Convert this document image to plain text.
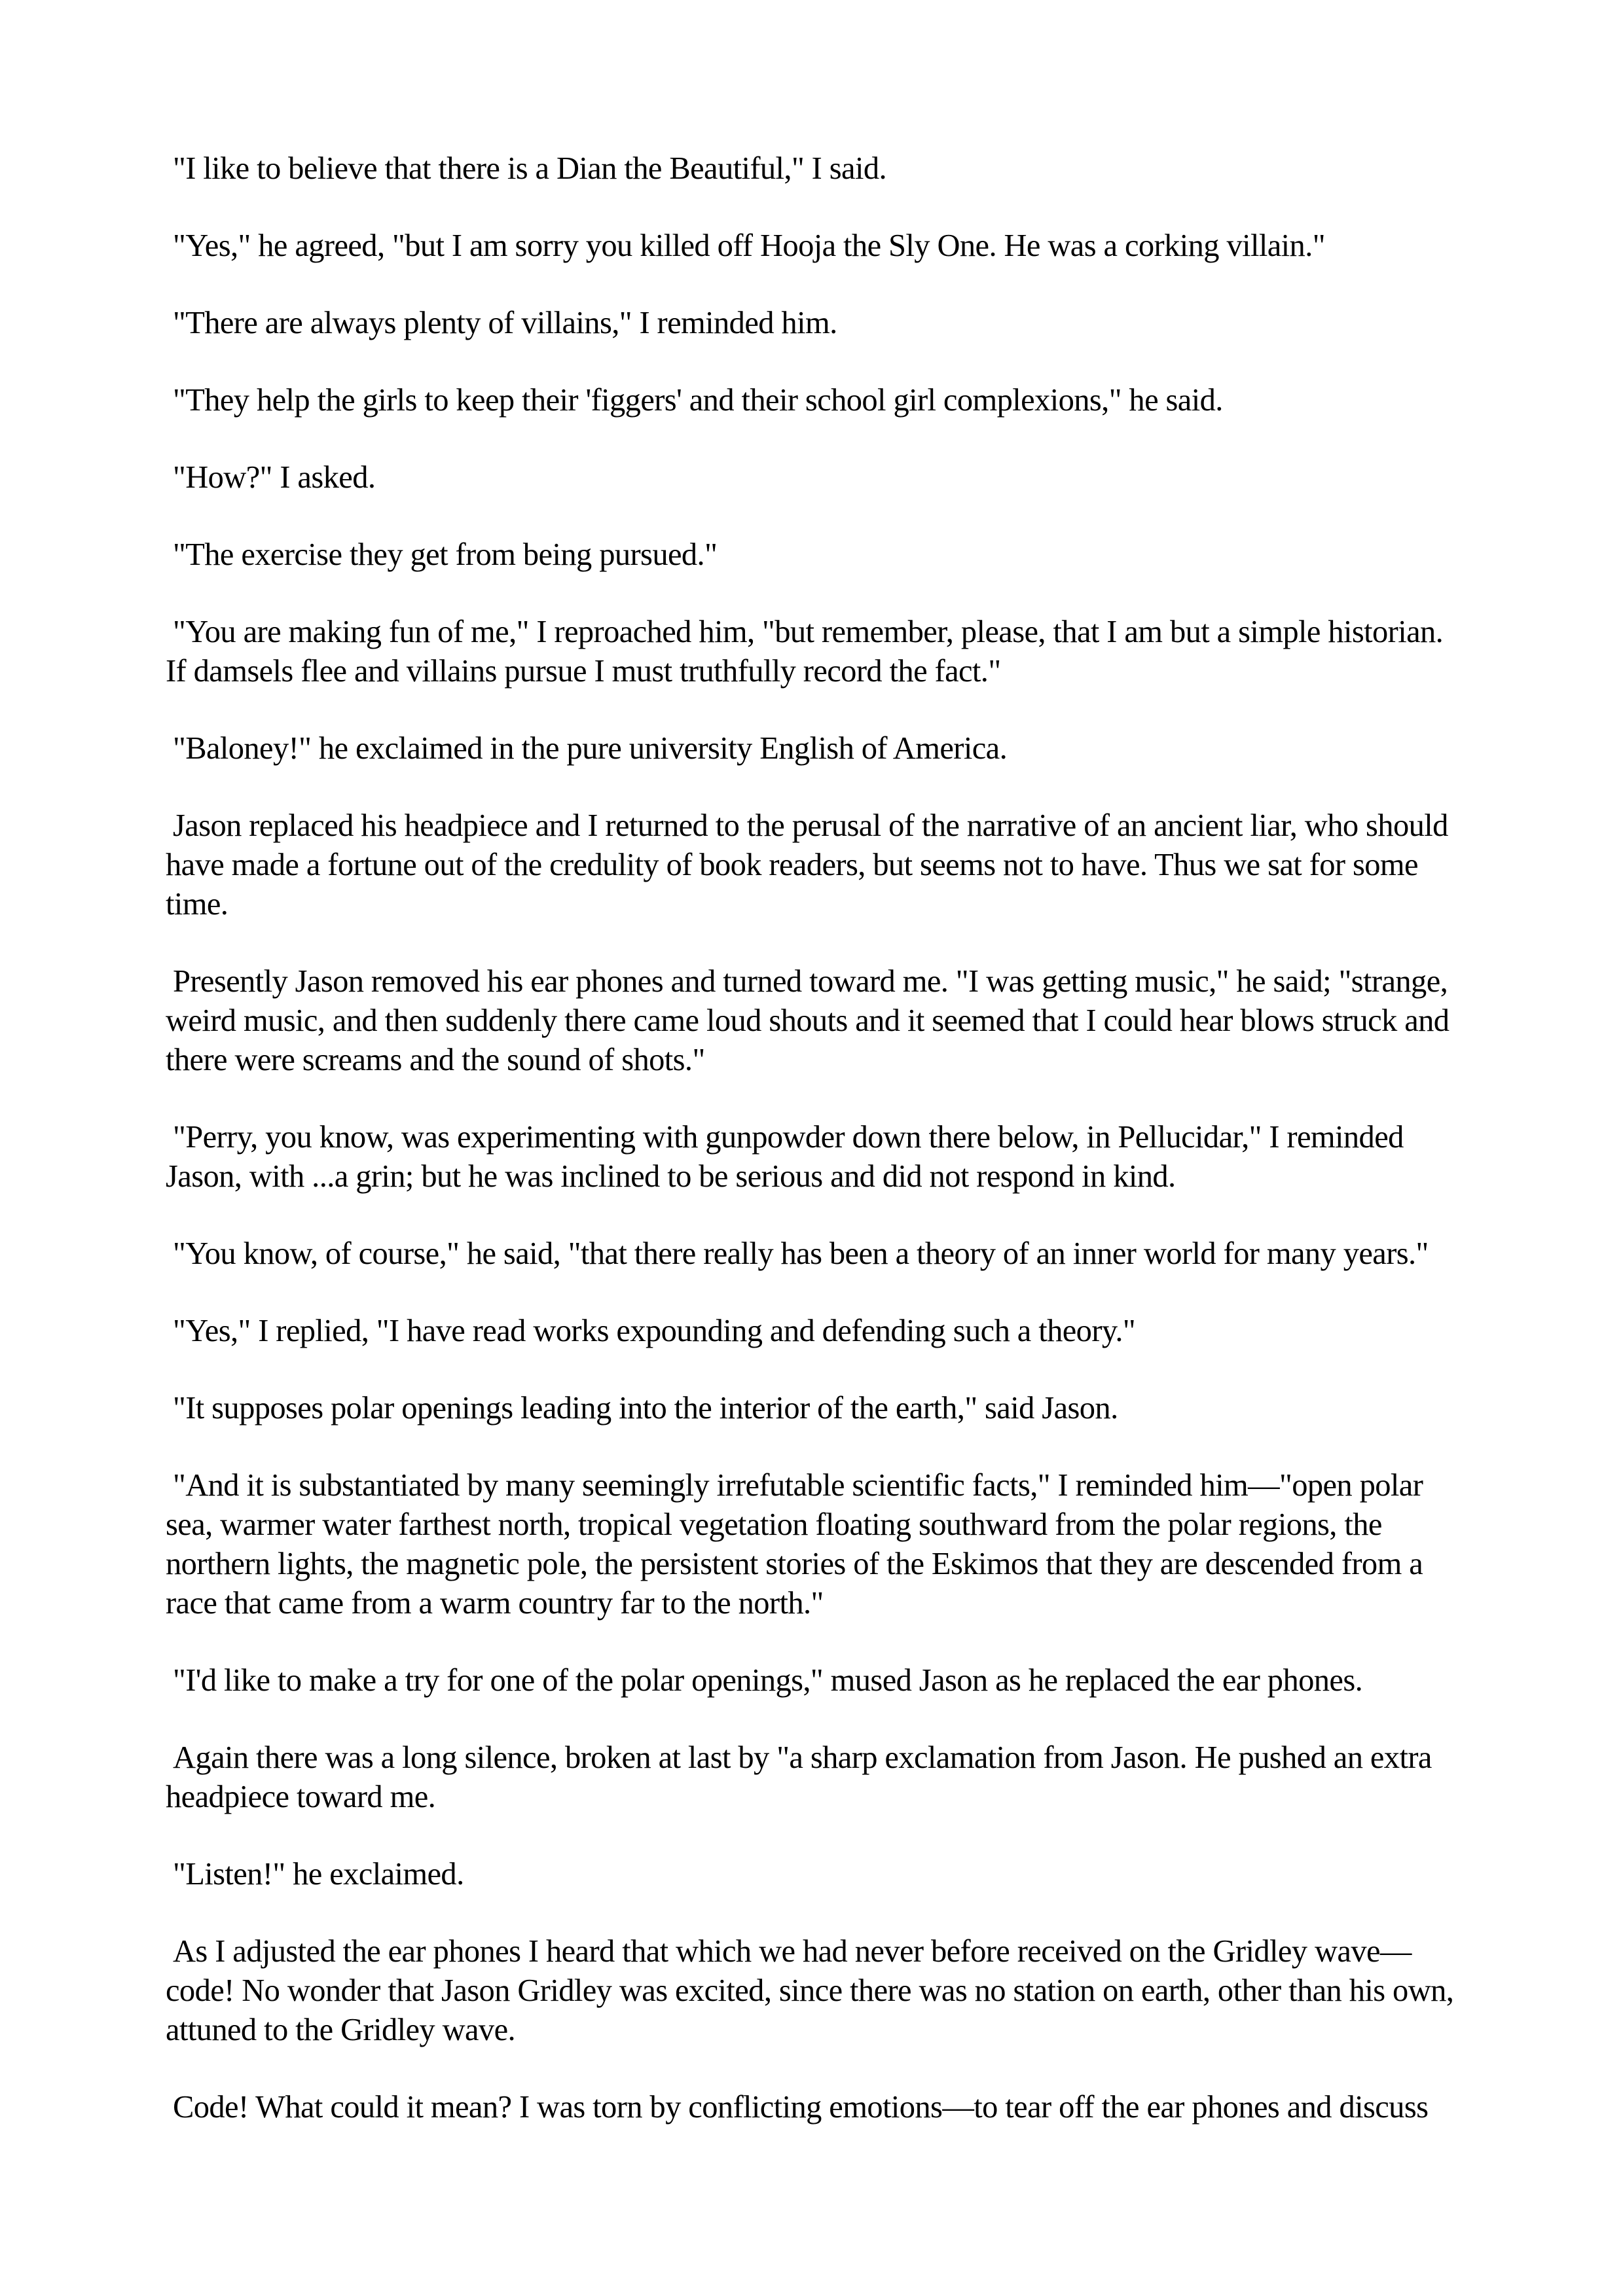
"I like to believe that there is a Dian the Beautiful," I said.

"Yes," he agreed, "but I am sorry you killed off Hooja the Sly One. He was a corking villain."

"There are always plenty of villains," I reminded him.

"They help the girls to keep their 'figgers' and their school girl complexions," he said.

"How?" I asked.

"The exercise they get from being pursued."

"You are making fun of me," I reproached him, "but remember, please, that I am but a simple historian. If damsels flee and villains pursue I must truthfully record the fact."

"Baloney!" he exclaimed in the pure university English of America.

Jason replaced his headpiece and I returned to the perusal of the narrative of an ancient liar, who should have made a fortune out of the credulity of book readers, but seems not to have. Thus we sat for some time.

Presently Jason removed his ear phones and turned toward me. "I was getting music," he said; "strange, weird music, and then suddenly there came loud shouts and it seemed that I could hear blows struck and there were screams and the sound of shots."

"Perry, you know, was experimenting with gunpowder down there below, in Pellucidar," I reminded Jason, with ...a grin; but he was inclined to be serious and did not respond in kind.

"You know, of course," he said, "that there really has been a theory of an inner world for many years."

"Yes," I replied, "I have read works expounding and defending such a theory."

"It supposes polar openings leading into the interior of the earth," said Jason.

"And it is substantiated by many seemingly irrefutable scientific facts," I reminded him—"open polar sea, warmer water farthest north, tropical vegetation floating southward from the polar regions, the northern lights, the magnetic pole, the persistent stories of the Eskimos that they are descended from a race that came from a warm country far to the north."

"I'd like to make a try for one of the polar openings," mused Jason as he replaced the ear phones.

Again there was a long silence, broken at last by "a sharp exclamation from Jason. He pushed an extra headpiece toward me.

"Listen!" he exclaimed.

As I adjusted the ear phones I heard that which we had never before received on the Gridley wave—code! No wonder that Jason Gridley was excited, since there was no station on earth, other than his own, attuned to the Gridley wave.

Code! What could it mean? I was torn by conflicting emotions—to tear off the ear phones and discuss
